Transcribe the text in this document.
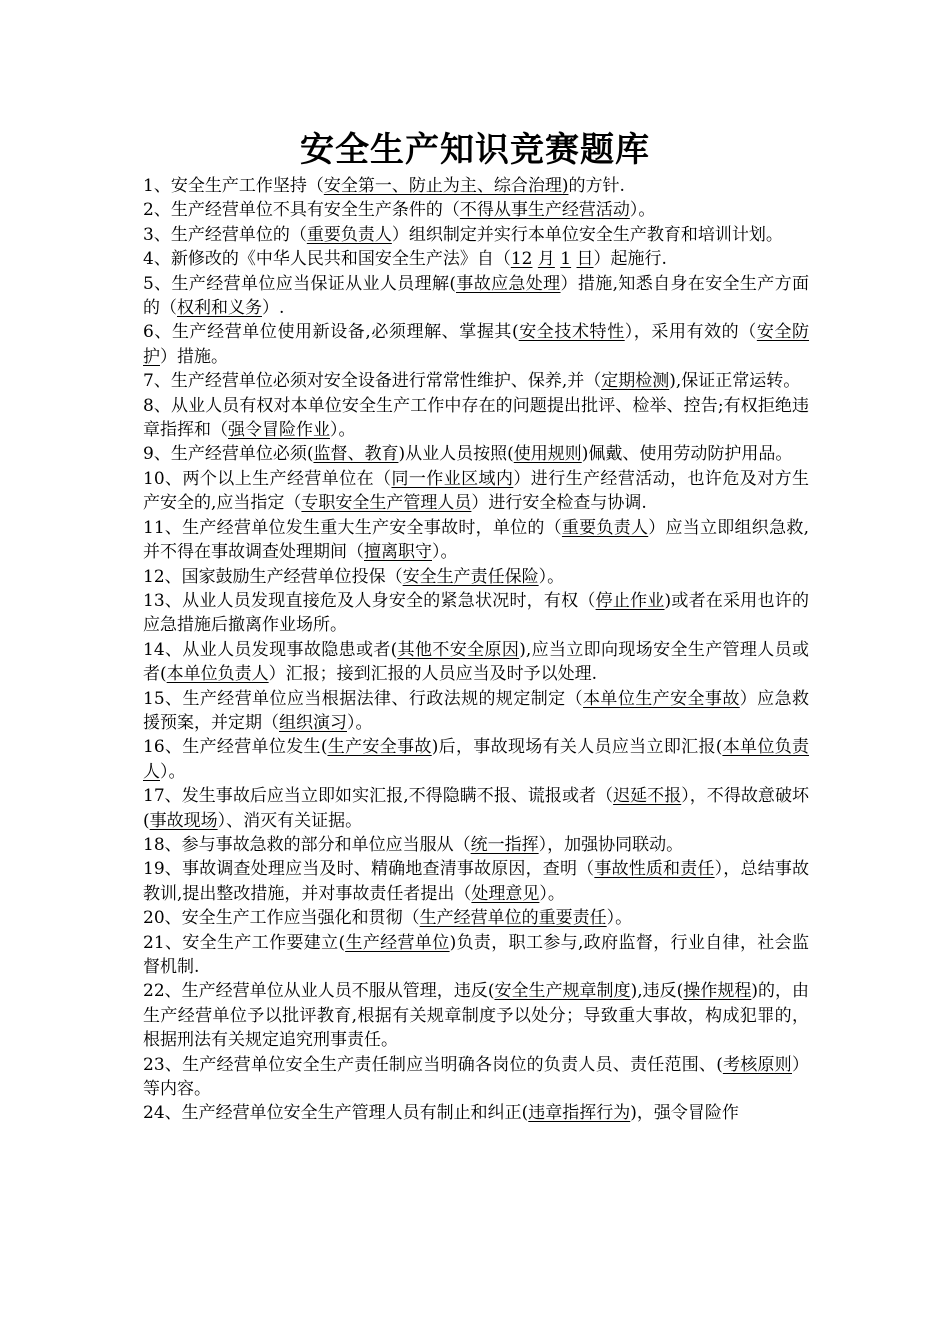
安全生产知识竞赛题库
1、安全生产工作坚持（安全第一、防止为主、综合治理)的方针.
2、生产经营单位不具有安全生产条件的（不得从事生产经营活动）。
3、生产经营单位的（重要负责人）组织制定并实行本单位安全生产教育和培训计划。
4、新修改的《中华人民共和国安全生产法》自（12 月 1 日）起施行.
5、生产经营单位应当保证从业人员理解(事故应急处理）措施,知悉自身在安全生产方面的（权利和义务）.
6、生产经营单位使用新设备,必须理解、掌握其(安全技术特性），采用有效的（安全防护）措施。
7、生产经营单位必须对安全设备进行常常性维护、保养,并（定期检测),保证正常运转。
8、从业人员有权对本单位安全生产工作中存在的问题提出批评、检举、控告;有权拒绝违章指挥和（强令冒险作业）。
9、生产经营单位必须(监督、教育)从业人员按照(使用规则)佩戴、使用劳动防护用品。
10、两个以上生产经营单位在（同一作业区域内）进行生产经营活动，也许危及对方生产安全的,应当指定（专职安全生产管理人员）进行安全检查与协调.
11、生产经营单位发生重大生产安全事故时，单位的（重要负责人）应当立即组织急救,并不得在事故调查处理期间（擅离职守）。
12、国家鼓励生产经营单位投保（安全生产责任保险）。
13、从业人员发现直接危及人身安全的紧急状况时，有权（停止作业)或者在采用也许的应急措施后撤离作业场所。
14、从业人员发现事故隐患或者(其他不安全原因),应当立即向现场安全生产管理人员或者(本单位负责人）汇报；接到汇报的人员应当及时予以处理.
15、生产经营单位应当根据法律、行政法规的规定制定（本单位生产安全事故）应急救援预案，并定期（组织演习）。
16、生产经营单位发生(生产安全事故)后，事故现场有关人员应当立即汇报(本单位负责人）。
17、发生事故后应当立即如实汇报,不得隐瞒不报、谎报或者（迟延不报），不得故意破坏(事故现场）、消灭有关证据。
18、参与事故急救的部分和单位应当服从（统一指挥），加强协同联动。
19、事故调查处理应当及时、精确地查清事故原因，查明（事故性质和责任），总结事故教训,提出整改措施，并对事故责任者提出（处理意见）。
20、安全生产工作应当强化和贯彻（生产经营单位的重要责任）。
21、安全生产工作要建立(生产经营单位)负责，职工参与,政府监督，行业自律，社会监督机制.
22、生产经营单位从业人员不服从管理，违反(安全生产规章制度),违反(操作规程)的，由生产经营单位予以批评教育,根据有关规章制度予以处分；导致重大事故，构成犯罪的，根据刑法有关规定追究刑事责任。
23、生产经营单位安全生产责任制应当明确各岗位的负责人员、责任范围、(考核原则）等内容。
24、生产经营单位安全生产管理人员有制止和纠正(违章指挥行为)，强令冒险作
